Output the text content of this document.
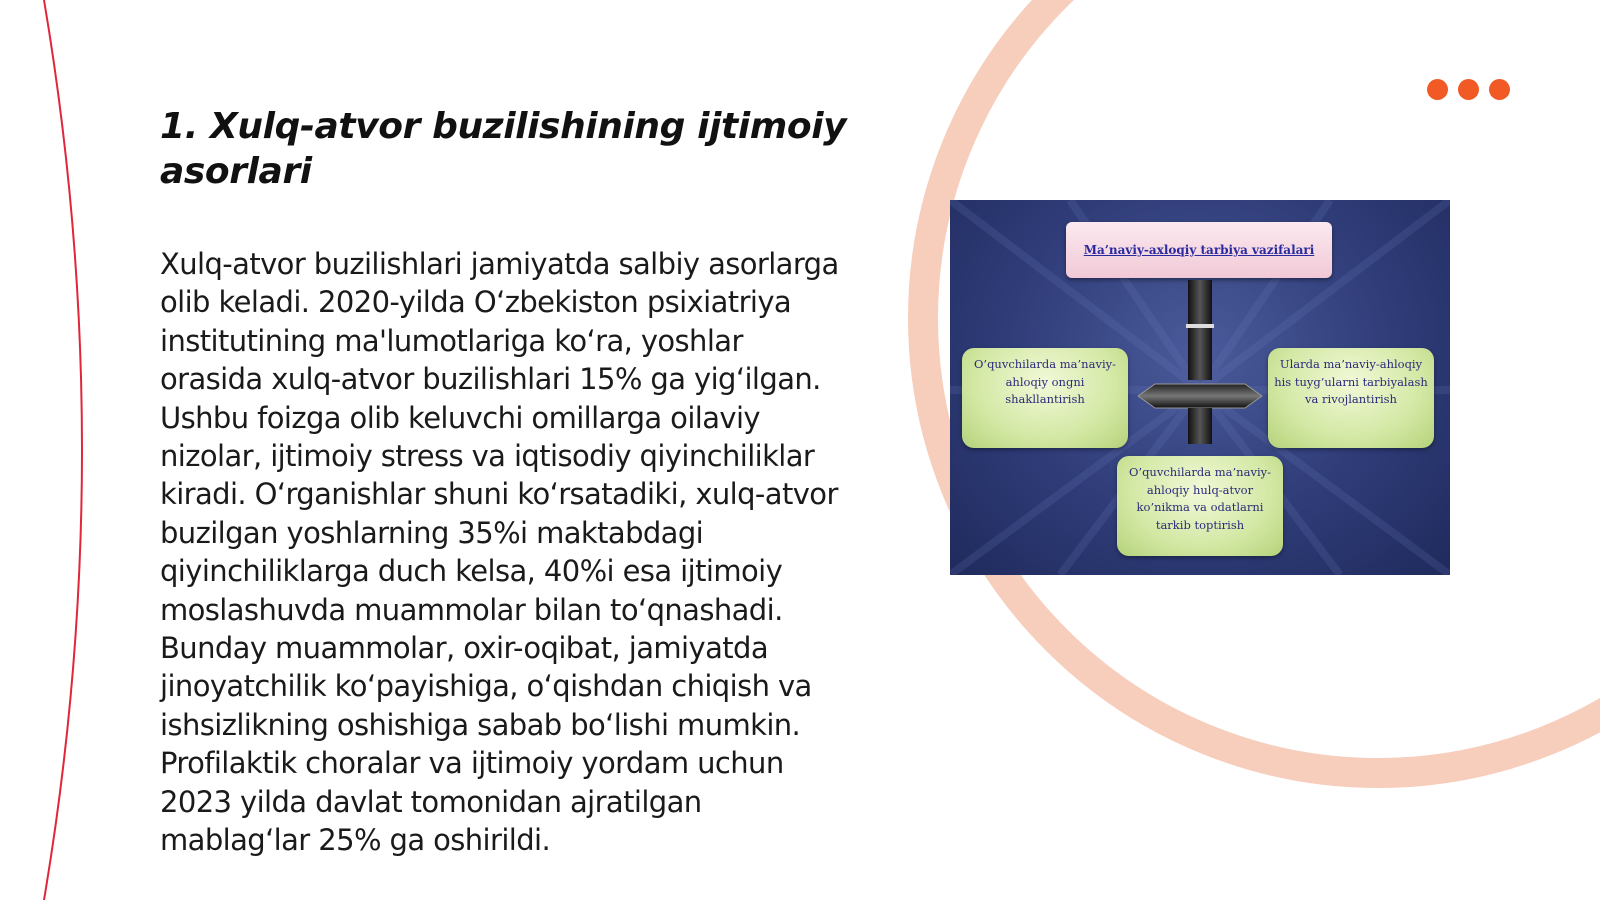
1. Xulq-atvor buzilishining ijtimoiy asorlari
Xulq-atvor buzilishlari jamiyatda salbiy asorlarga olib keladi. 2020-yilda O‘zbekiston psixiatriya institutining ma'lumotlariga ko‘ra, yoshlar orasida xulq-atvor buzilishlari 15% ga yig‘ilgan. Ushbu foizga olib keluvchi omillarga oilaviy nizolar, ijtimoiy stress va iqtisodiy qiyinchiliklar kiradi. O‘rganishlar shuni ko‘rsatadiki, xulq-atvor buzilgan yoshlarning 35%i maktabdagi qiyinchiliklarga duch kelsa, 40%i esa ijtimoiy moslashuvda muammolar bilan to‘qnashadi. Bunday muammolar, oxir-oqibat, jamiyatda jinoyatchilik ko‘payishiga, o‘qishdan chiqish va ishsizlikning oshishiga sabab bo‘lishi mumkin. Profilaktik choralar va ijtimoiy yordam uchun 2023 yilda davlat tomonidan ajratilgan mablag‘lar 25% ga oshirildi.
Ma’naviy-axloqiy tarbiya vazifalari
O’quvchilarda ma’naviy-ahloqiy ongni shakllantirish
Ularda ma’naviy-ahloqiy his tuyg’ularni tarbiyalash va rivojlantirish
O’quvchilarda ma’naviy-ahloqiy hulq-atvor ko’nikma va odatlarni tarkib toptirish
